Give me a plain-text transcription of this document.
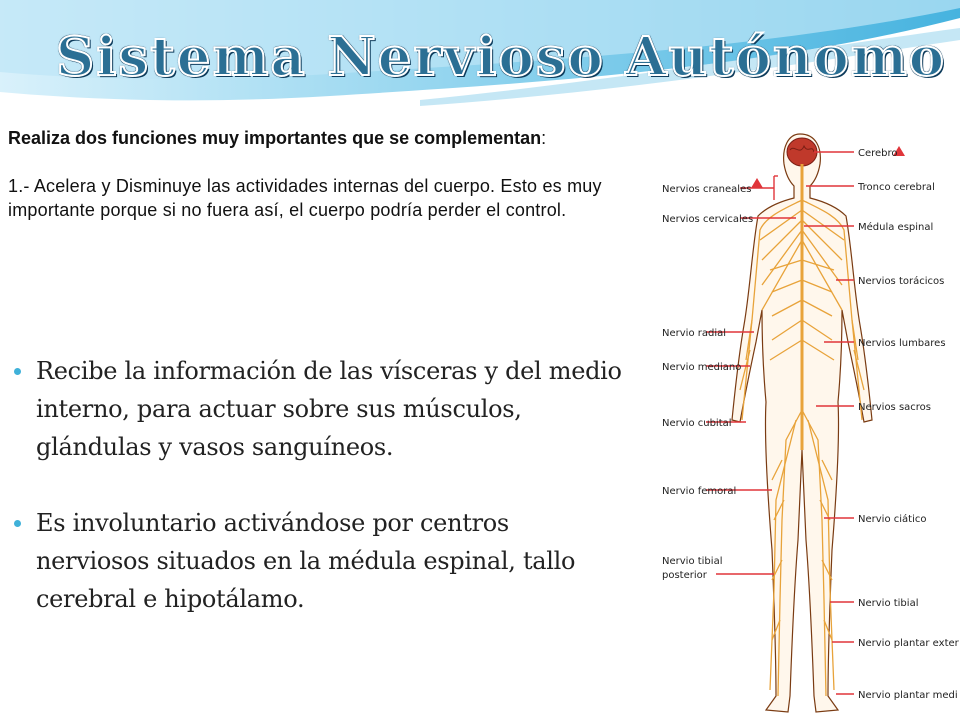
Sistema Nervioso Autónomo

Realiza dos funciones muy importantes que se complementan:

1.- Acelera y Disminuye las actividades internas del cuerpo. Esto es muy importante porque si no fuera así, el cuerpo podría perder el control.

Recibe la información de las vísceras y del medio interno, para actuar sobre sus músculos, glándulas y vasos sanguíneos.
Es involuntario activándose por centros nerviosos situados en la médula espinal, tallo cerebral e hipotálamo.
Cerebro
Tronco cerebral
Médula espinal
Nervios torácicos
Nervios lumbares
Nervios sacros
Nervio ciático
Nervio tibial
Nervio plantar exter
Nervio plantar medi
Nervios craneales
Nervios cervicales
Nervio radial
Nervio mediano
Nervio cubital
Nervio femoral
Nervio tibial
posterior
